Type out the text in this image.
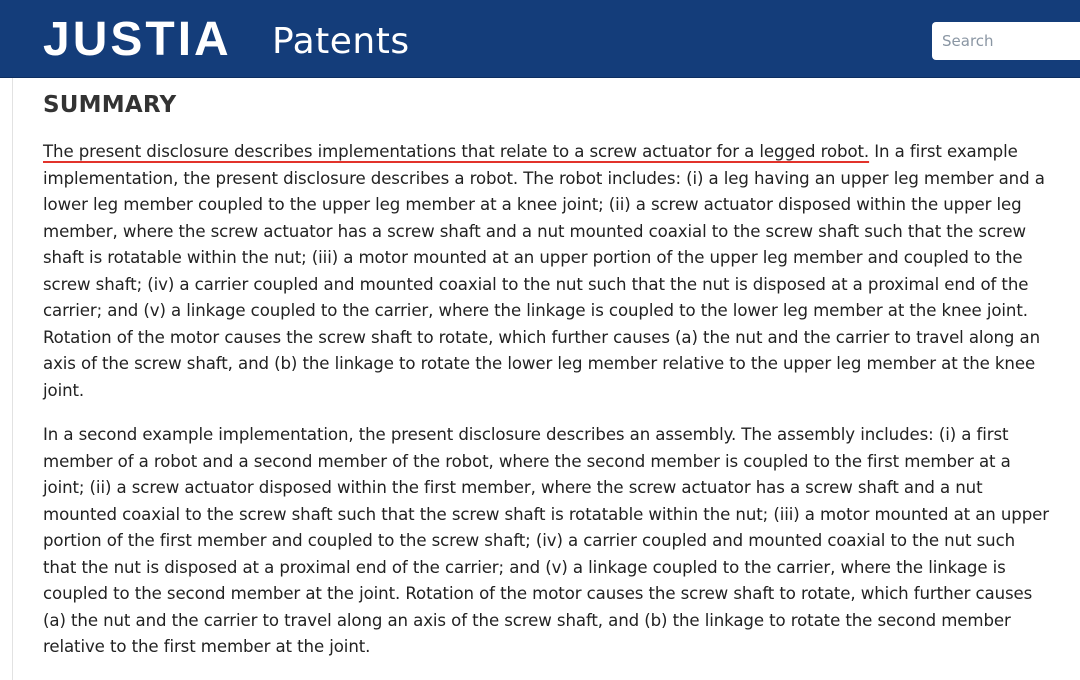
JUSTIA Patents
Search
SUMMARY

The present disclosure describes implementations that relate to a screw actuator for a legged robot. In a first example implementation, the present disclosure describes a robot. The robot includes: (i) a leg having an upper leg member and a lower leg member coupled to the upper leg member at a knee joint; (ii) a screw actuator disposed within the upper leg member, where the screw actuator has a screw shaft and a nut mounted coaxial to the screw shaft such that the screw shaft is rotatable within the nut; (iii) a motor mounted at an upper portion of the upper leg member and coupled to the screw shaft; (iv) a carrier coupled and mounted coaxial to the nut such that the nut is disposed at a proximal end of the carrier; and (v) a linkage coupled to the carrier, where the linkage is coupled to the lower leg member at the knee joint. Rotation of the motor causes the screw shaft to rotate, which further causes (a) the nut and the carrier to travel along an axis of the screw shaft, and (b) the linkage to rotate the lower leg member relative to the upper leg member at the knee joint.

In a second example implementation, the present disclosure describes an assembly. The assembly includes: (i) a first member of a robot and a second member of the robot, where the second member is coupled to the first member at a joint; (ii) a screw actuator disposed within the first member, where the screw actuator has a screw shaft and a nut mounted coaxial to the screw shaft such that the screw shaft is rotatable within the nut; (iii) a motor mounted at an upper portion of the first member and coupled to the screw shaft; (iv) a carrier coupled and mounted coaxial to the nut such that the nut is disposed at a proximal end of the carrier; and (v) a linkage coupled to the carrier, where the linkage is coupled to the second member at the joint. Rotation of the motor causes the screw shaft to rotate, which further causes (a) the nut and the carrier to travel along an axis of the screw shaft, and (b) the linkage to rotate the second member relative to the first member at the joint.
